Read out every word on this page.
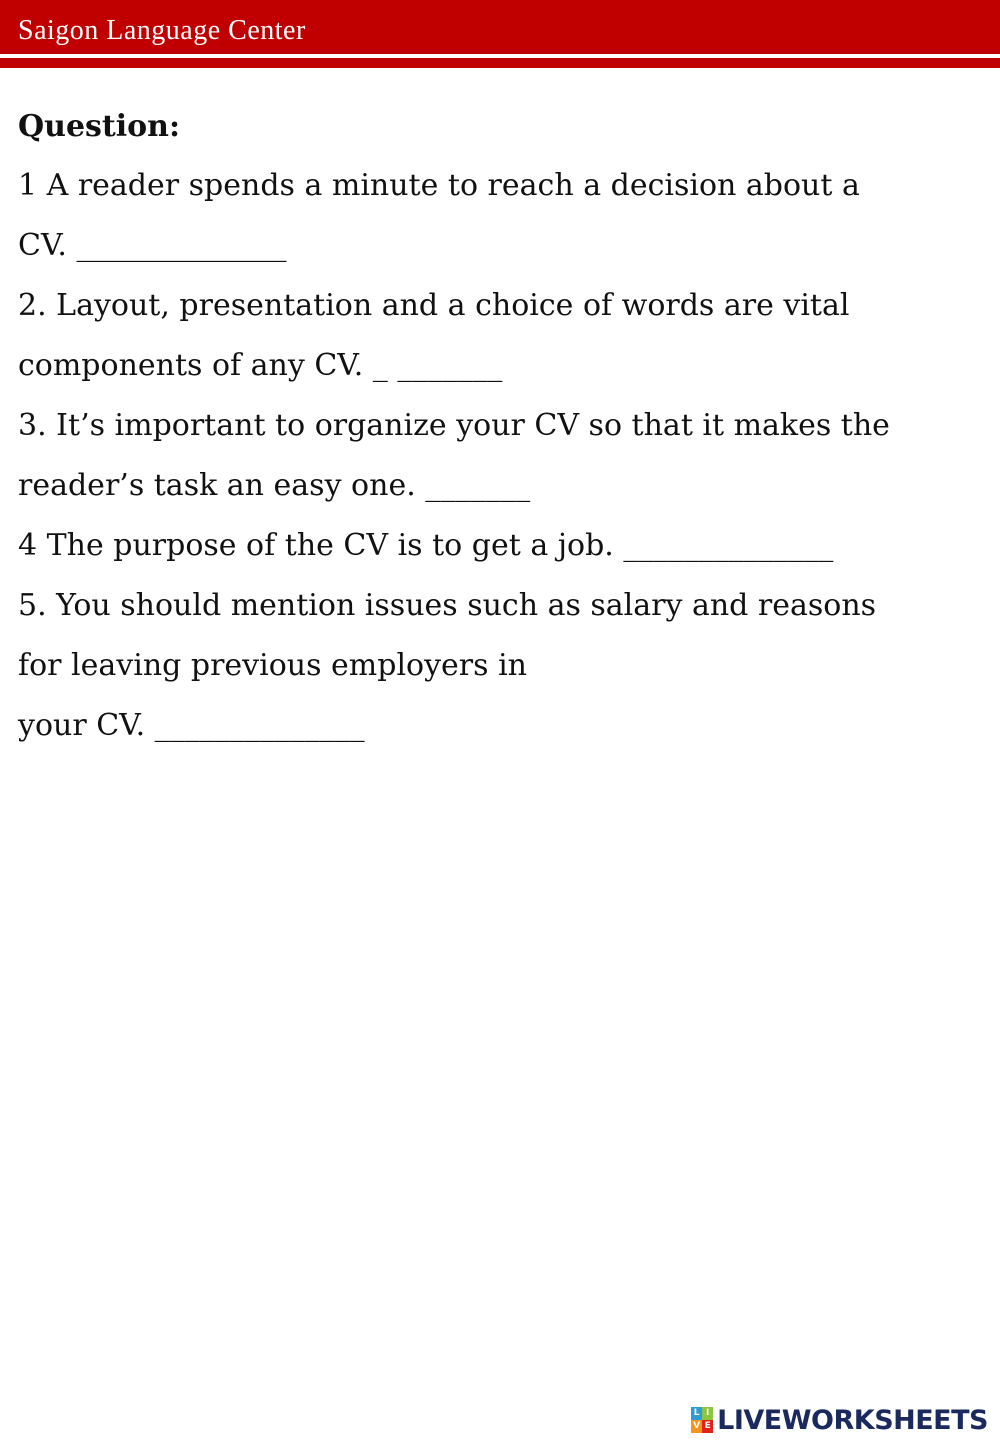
Saigon Language Center
Question:
1 A reader spends a minute to reach a decision about a
CV. ______________
2. Layout, presentation and a choice of words are vital
components of any CV. _ _______
3. It’s important to organize your CV so that it makes the
reader’s task an easy one. _______
4 The purpose of the CV is to get a job. ______________
5. You should mention issues such as salary and reasons
for leaving previous employers in
your CV. ______________
L I
V E LIVEWORKSHEETS
